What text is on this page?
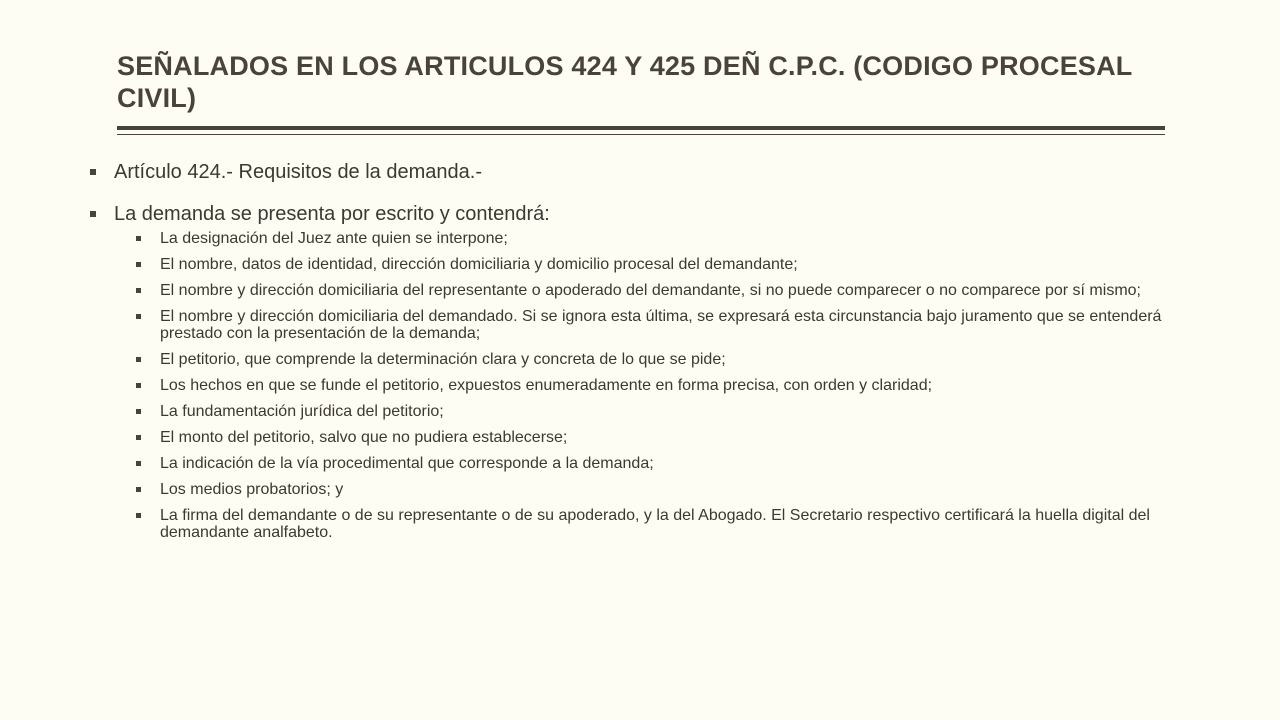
SEÑALADOS EN LOS ARTICULOS 424 Y 425 DEÑ C.P.C. (CODIGO PROCESAL CIVIL)
Artículo 424.- Requisitos de la demanda.-
La demanda se presenta por escrito y contendrá:
La designación del Juez ante quien se interpone;
El nombre, datos de identidad, dirección domiciliaria y domicilio procesal del demandante;
El nombre y dirección domiciliaria del representante o apoderado del demandante, si no puede comparecer o no comparece por sí mismo;
El nombre y dirección domiciliaria del demandado. Si se ignora esta última, se expresará esta circunstancia bajo juramento que se entenderá prestado con la presentación de la demanda;
El petitorio, que comprende la determinación clara y concreta de lo que se pide;
Los hechos en que se funde el petitorio, expuestos enumeradamente en forma precisa, con orden y claridad;
La fundamentación jurídica del petitorio;
El monto del petitorio, salvo que no pudiera establecerse;
La indicación de la vía procedimental que corresponde a la demanda;
Los medios probatorios; y
La firma del demandante o de su representante o de su apoderado, y la del Abogado. El Secretario respectivo certificará la huella digital del demandante analfabeto.
